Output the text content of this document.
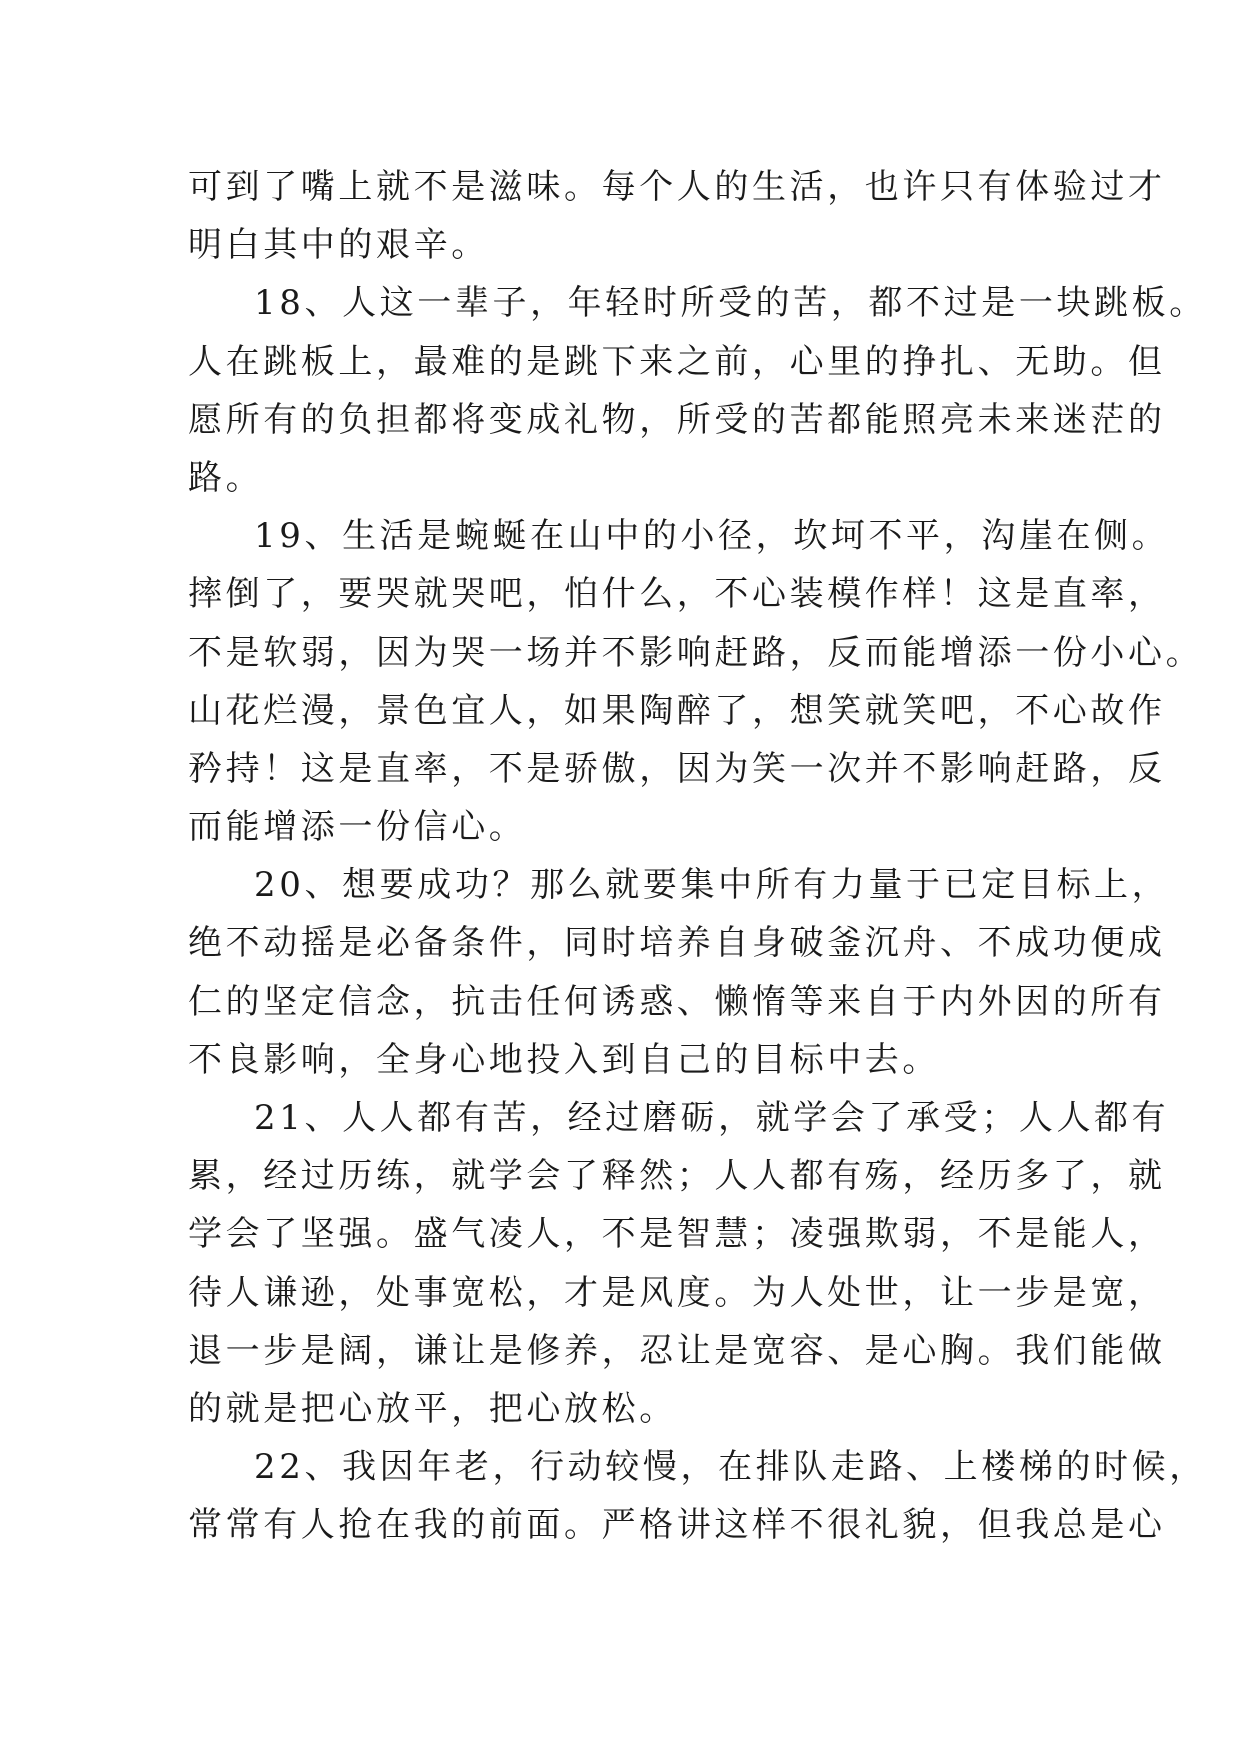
可到了嘴上就不是滋味。每个人的生活，也许只有体验过才
明白其中的艰辛。
18、人这一辈子，年轻时所受的苦，都不过是一块跳板。
人在跳板上，最难的是跳下来之前，心里的挣扎、无助。但
愿所有的负担都将变成礼物，所受的苦都能照亮未来迷茫的
路。
19、生活是蜿蜒在山中的小径，坎坷不平，沟崖在侧。
摔倒了，要哭就哭吧，怕什么，不心装模作样！这是直率，
不是软弱，因为哭一场并不影响赶路，反而能增添一份小心。
山花烂漫，景色宜人，如果陶醉了，想笑就笑吧，不心故作
矜持！这是直率，不是骄傲，因为笑一次并不影响赶路，反
而能增添一份信心。
20、想要成功？那么就要集中所有力量于已定目标上，
绝不动摇是必备条件，同时培养自身破釜沉舟、不成功便成
仁的坚定信念，抗击任何诱惑、懒惰等来自于内外因的所有
不良影响，全身心地投入到自己的目标中去。
21、人人都有苦，经过磨砺，就学会了承受；人人都有
累，经过历练，就学会了释然；人人都有殇，经历多了，就
学会了坚强。盛气凌人，不是智慧；凌强欺弱，不是能人，
待人谦逊，处事宽松，才是风度。为人处世，让一步是宽，
退一步是阔，谦让是修养，忍让是宽容、是心胸。我们能做
的就是把心放平，把心放松。
22、我因年老，行动较慢，在排队走路、上楼梯的时候，
常常有人抢在我的前面。严格讲这样不很礼貌，但我总是心
